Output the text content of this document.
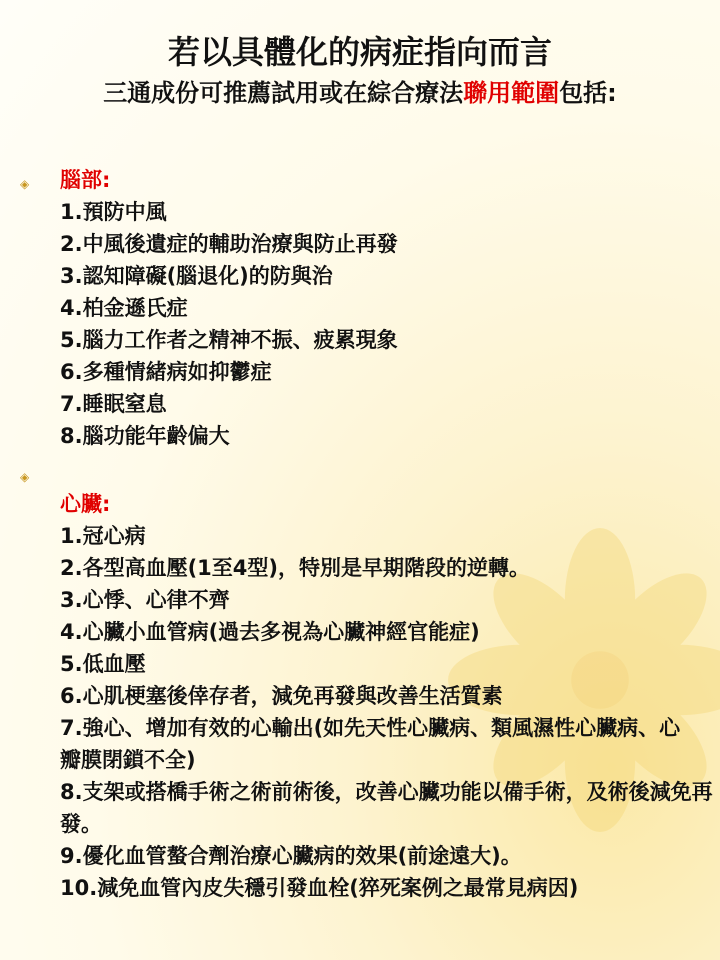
若以具體化的病症指向而言
三通成份可推薦試用或在綜合療法聯用範圍包括:
◈ 腦部:
1.預防中風
2.中風後遺症的輔助治療與防止再發
3.認知障礙(腦退化)的防與治
4.柏金遜氏症
5.腦力工作者之精神不振、疲累現象
6.多種情緒病如抑鬱症
7.睡眠窒息
8.腦功能年齡偏大
◈
心臟:
1.冠心病
2.各型高血壓(1至4型)，特別是早期階段的逆轉。
3.心悸、心律不齊
4.心臟小血管病(過去多視為心臟神經官能症)
5.低血壓
6.心肌梗塞後倖存者，減免再發與改善生活質素
7.強心、增加有效的心輸出(如先天性心臟病、類風濕性心臟病、心瓣膜閉鎖不全)
8.支架或搭橋手術之術前術後，改善心臟功能以備手術，及術後減免再發。
9.優化血管螯合劑治療心臟病的效果(前途遠大)。
10.減免血管內皮失穩引發血栓(猝死案例之最常見病因)
